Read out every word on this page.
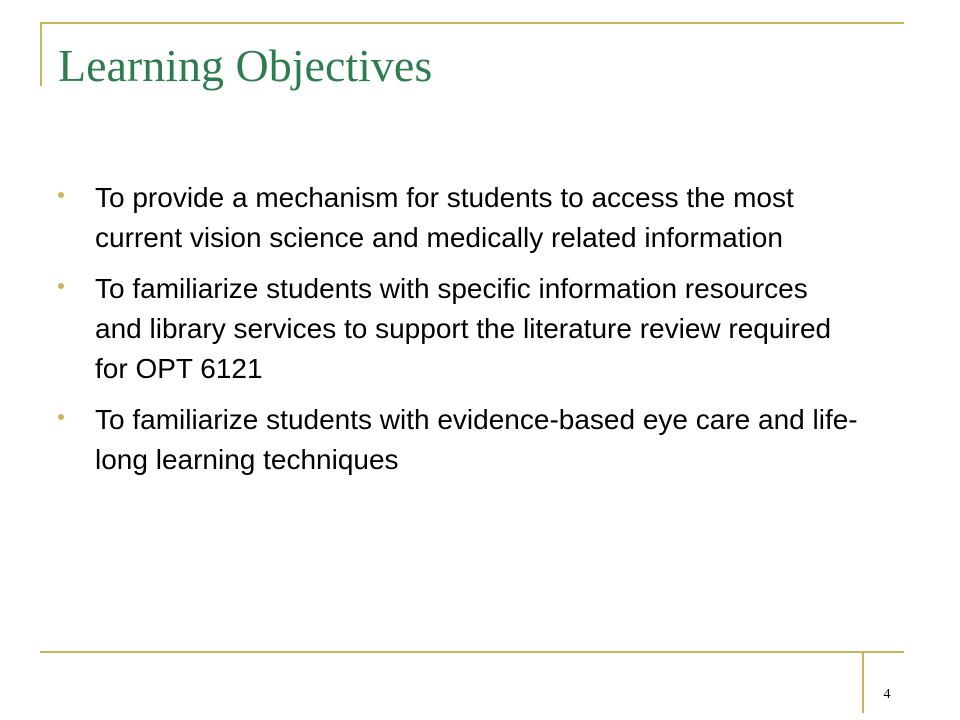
Learning Objectives
To provide a mechanism for students to access the most current vision science and medically related information
To familiarize students with specific information resources and library services to support the literature review required for OPT 6121
To familiarize students with evidence-based eye care and life-long learning techniques
4
